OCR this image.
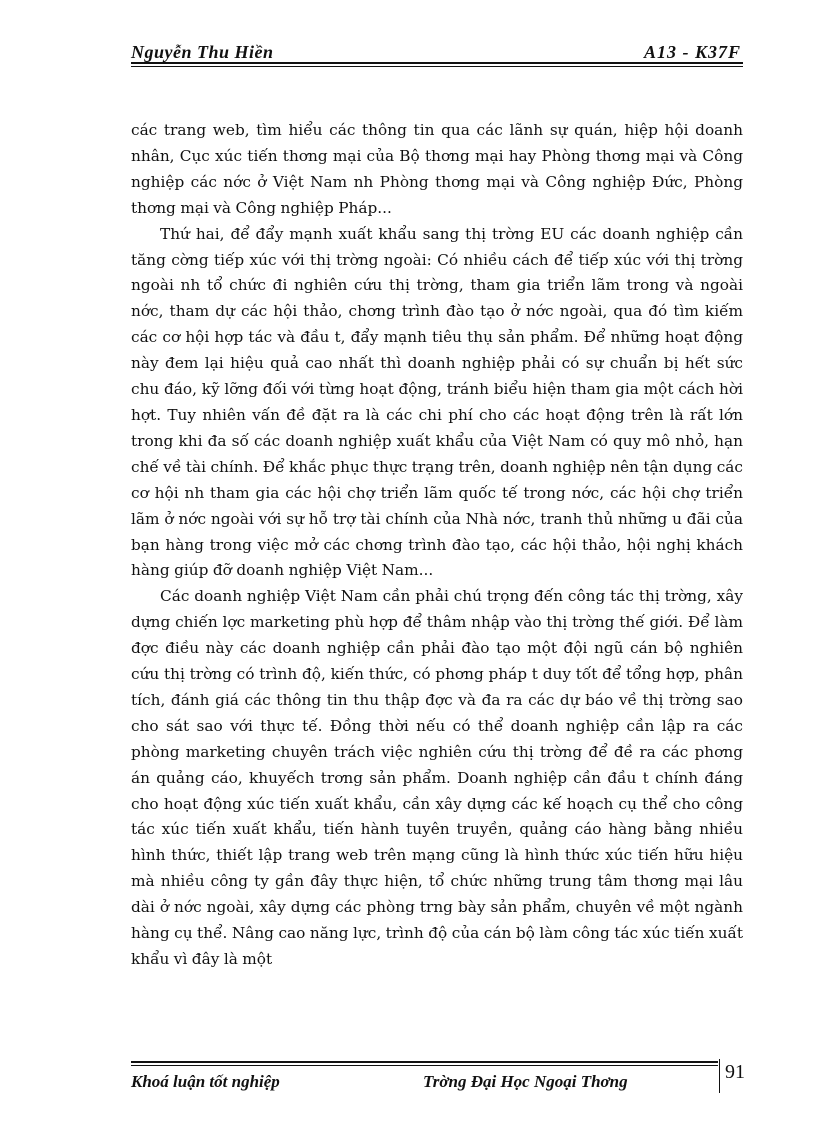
Nguyễn Thu Hiền	A13 - K37F

các trang web, tìm hiểu các thông tin qua các lãnh sự quán, hiệp hội doanh nhân, Cục xúc tiến thơng mại của Bộ thơng mại hay Phòng thơng mại và Công nghiệp các nớc ở Việt Nam nh Phòng thơng mại và Công nghiệp Đức, Phòng thơng mại và Công nghiệp Pháp...

Thứ hai, để đẩy mạnh xuất khẩu sang thị trờng EU các doanh nghiệp cần tăng cờng tiếp xúc với thị trờng ngoài: Có nhiều cách để tiếp xúc với thị trờng ngoài nh tổ chức đi nghiên cứu thị trờng, tham gia triển lãm trong và ngoài nớc, tham dự các hội thảo, chơng trình đào tạo ở nớc ngoài, qua đó tìm kiếm các cơ hội hợp tác và đầu t, đẩy mạnh tiêu thụ sản phẩm. Để những hoạt động này đem lại hiệu quả cao nhất thì doanh nghiệp phải có sự chuẩn bị hết sức chu đáo, kỹ lỡng đối với từng hoạt động, tránh biểu hiện tham gia một cách hời hợt. Tuy nhiên vấn đề đặt ra là các chi phí cho các hoạt động trên là rất lớn trong khi đa số các doanh nghiệp xuất khẩu của Việt Nam có quy mô nhỏ, hạn chế về tài chính. Để khắc phục thực trạng trên, doanh nghiệp nên tận dụng các cơ hội nh tham gia các hội chợ triển lãm quốc tế trong nớc, các hội chợ triển lãm ở nớc ngoài với sự hỗ trợ tài chính của Nhà nớc, tranh thủ những u đãi của bạn hàng trong việc mở các chơng trình đào tạo, các hội thảo, hội nghị khách hàng giúp đỡ doanh nghiệp Việt Nam...

Các doanh nghiệp Việt Nam cần phải chú trọng đến công tác thị trờng, xây dựng chiến lợc marketing phù hợp để thâm nhập vào thị trờng thế giới. Để làm đợc điều này các doanh nghiệp cần phải đào tạo một đội ngũ cán bộ nghiên cứu thị trờng có trình độ, kiến thức, có phơng pháp t duy tốt để tổng hợp, phân tích, đánh giá các thông tin thu thập đợc và đa ra các dự báo về thị trờng sao cho sát sao với thực tế. Đồng thời nếu có thể doanh nghiệp cần lập ra các phòng marketing chuyên trách việc nghiên cứu thị trờng để đề ra các phơng án quảng cáo, khuyếch trơng sản phẩm. Doanh nghiệp cần đầu t chính đáng cho hoạt động xúc tiến xuất khẩu, cần xây dựng các kế hoạch cụ thể cho công tác xúc tiến xuất khẩu, tiến hành tuyên truyền, quảng cáo hàng bằng nhiều hình thức, thiết lập trang web trên mạng cũng là hình thức xúc tiến hữu hiệu mà nhiều công ty gần đây thực hiện, tổ chức những trung tâm thơng mại lâu dài ở nớc ngoài, xây dựng các phòng trng bày sản phẩm, chuyên về một ngành hàng cụ thể. Nâng cao năng lực, trình độ của cán bộ làm công tác xúc tiến xuất khẩu vì đây là một

Khoá luận tốt nghiệp	Trờng Đại Học Ngoại Thơng	91
